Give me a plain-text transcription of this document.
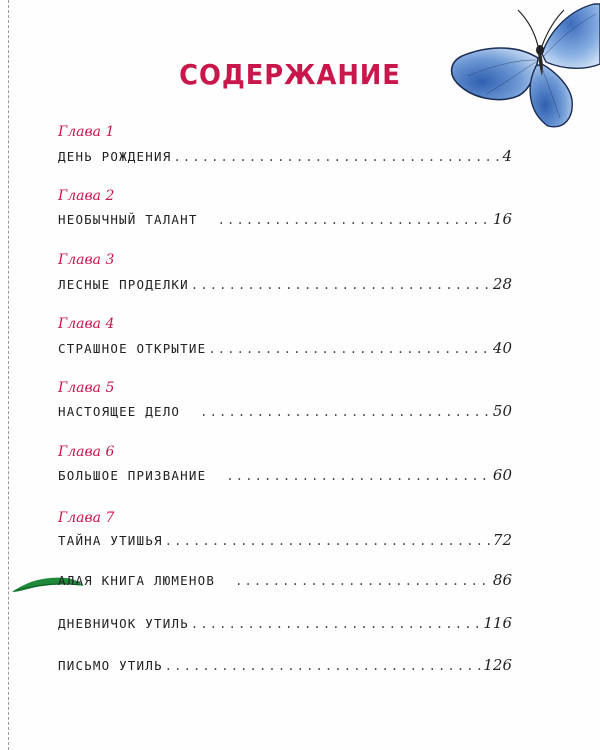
СОДЕРЖАНИЕ
Глава 1
ДЕНЬ РОЖДЕНИЯ .....	4
Глава 2
НЕОБЫЧНЫЙ ТАЛАНТ .....	16
Глава 3
ЛЕСНЫЕ ПРОДЕЛКИ .....	28
Глава 4
СТРАШНОЕ ОТКРЫТИЕ .....	40
Глава 5
НАСТОЯЩЕЕ ДЕЛО .....	50
Глава 6
БОЛЬШОЕ ПРИЗВАНИЕ .....	60
Глава 7
ТАЙНА УТИШЬЯ .....	72
АЛАЯ КНИГА ЛЮМЕНОВ .....	86
ДНЕВНИЧОК УТИЛЬ .....	116
ПИСЬМО УТИЛЬ .....	126
